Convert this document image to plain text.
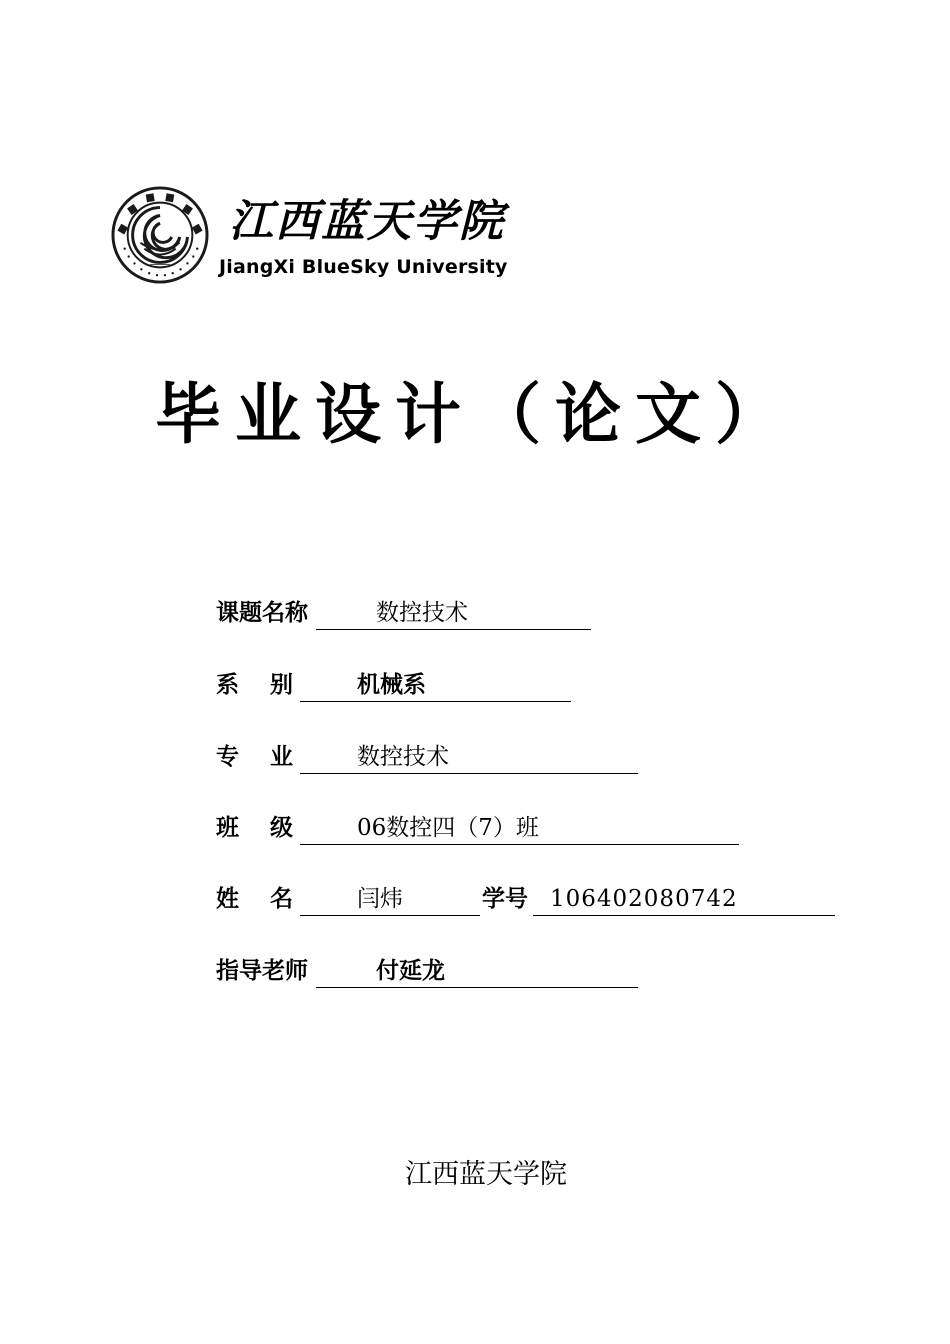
江西蓝天学院
JiangXi BlueSky University
毕业设计（论文）
课题名称	数控技术
系　 别	机械系
专　 业	数控技术
班　 级	06数控四（7）班
姓　 名	闫炜	学号 106402080742
指导老师	付延龙
江西蓝天学院
